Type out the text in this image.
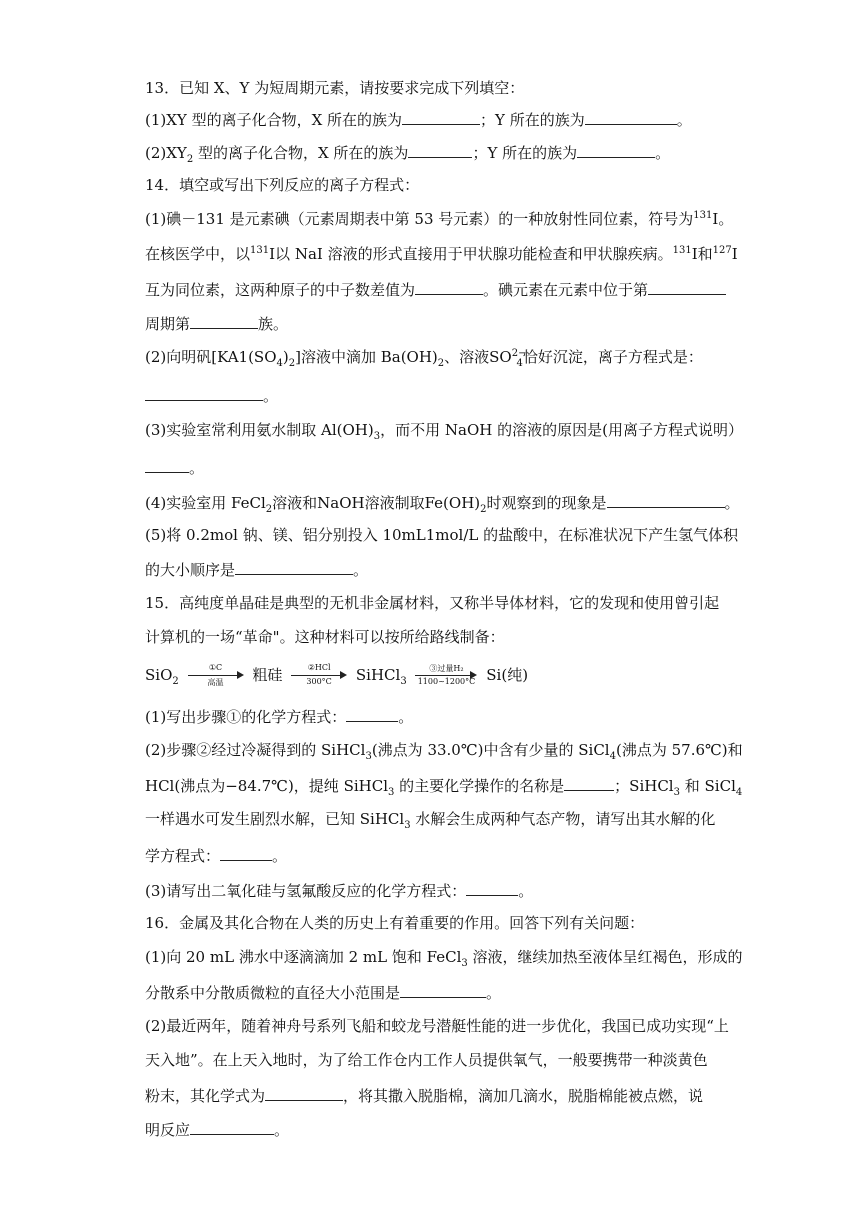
13．已知 X、Y 为短周期元素，请按要求完成下列填空：
(1)XY 型的离子化合物，X 所在的族为	；Y 所在的族为	。
$(2)XY_2$ 型的离子化合物，X 所在的族为	；Y 所在的族为	。
14．填空或写出下列反应的离子方程式：
(1)碘－131 是元素碘（元素周期表中第 53 号元素）的一种放射性同位素，符号为$^{131}$I。
在核医学中，以$^{131}$I以 NaI 溶液的形式直接用于甲状腺功能检查和甲状腺疾病。$^{131}$I和$^{127}$I
互为同位素，这两种原子的中子数差值为	。碘元素在元素中位于第
周期第	族。
(2)向明矾$[KA1(SO_4)_2]$溶液中滴加 $Ba(OH)_2$、溶液$SO^{2-}_4$恰好沉淀，离子方程式是：
。
(3)实验室常利用氨水制取 $Al(OH)_3$，而不用 NaOH 的溶液的原因是(用离子方程式说明）
。
(4)实验室用 FeCl$_2$溶液和NaOH溶液制取$Fe(OH)_2$时观察到的现象是	。
(5)将 0.2mol 钠、镁、铝分别投入 10mL1mol/L 的盐酸中，在标准状况下产生氢气体积
的大小顺序是	。
15．高纯度单晶硅是典型的无机非金属材料，又称半导体材料，它的发现和使用曾引起
计算机的一场“革命"。这种材料可以按所给路线制备：
SiO$_2$
①C
高温	粗硅	②HCl
300°C	SiHCl$_3$
③过量H₂
1100~1200°C Si(纯)
(1)写出步骤①的化学方程式：	。
(2)步骤②经过冷凝得到的 SiHCl$_3$(沸点为 33.0℃)中含有少量的 SiCl$_4$(沸点为 57.6℃)和
HCl(沸点为−84.7℃)，提纯 SiHCl$_3$ 的主要化学操作的名称是	；SiHCl$_3$ 和 SiCl$_4$
一样遇水可发生剧烈水解，已知 SiHCl$_3$ 水解会生成两种气态产物，请写出其水解的化
学方程式：	。
(3)请写出二氧化硅与氢氟酸反应的化学方程式：	。
16．金属及其化合物在人类的历史上有着重要的作用。回答下列有关问题：
(1)向 20 mL 沸水中逐滴滴加 2 mL 饱和 FeCl$_3$ 溶液，继续加热至液体呈红褐色，形成的
分散系中分散质微粒的直径大小范围是	。
(2)最近两年，随着神舟号系列飞船和蛟龙号潜艇性能的进一步优化，我国已成功实现“上
天入地”。在上天入地时，为了给工作仓内工作人员提供氧气，一般要携带一种淡黄色
粉末，其化学式为	，将其撒入脱脂棉，滴加几滴水，脱脂棉能被点燃，说
明反应	。
